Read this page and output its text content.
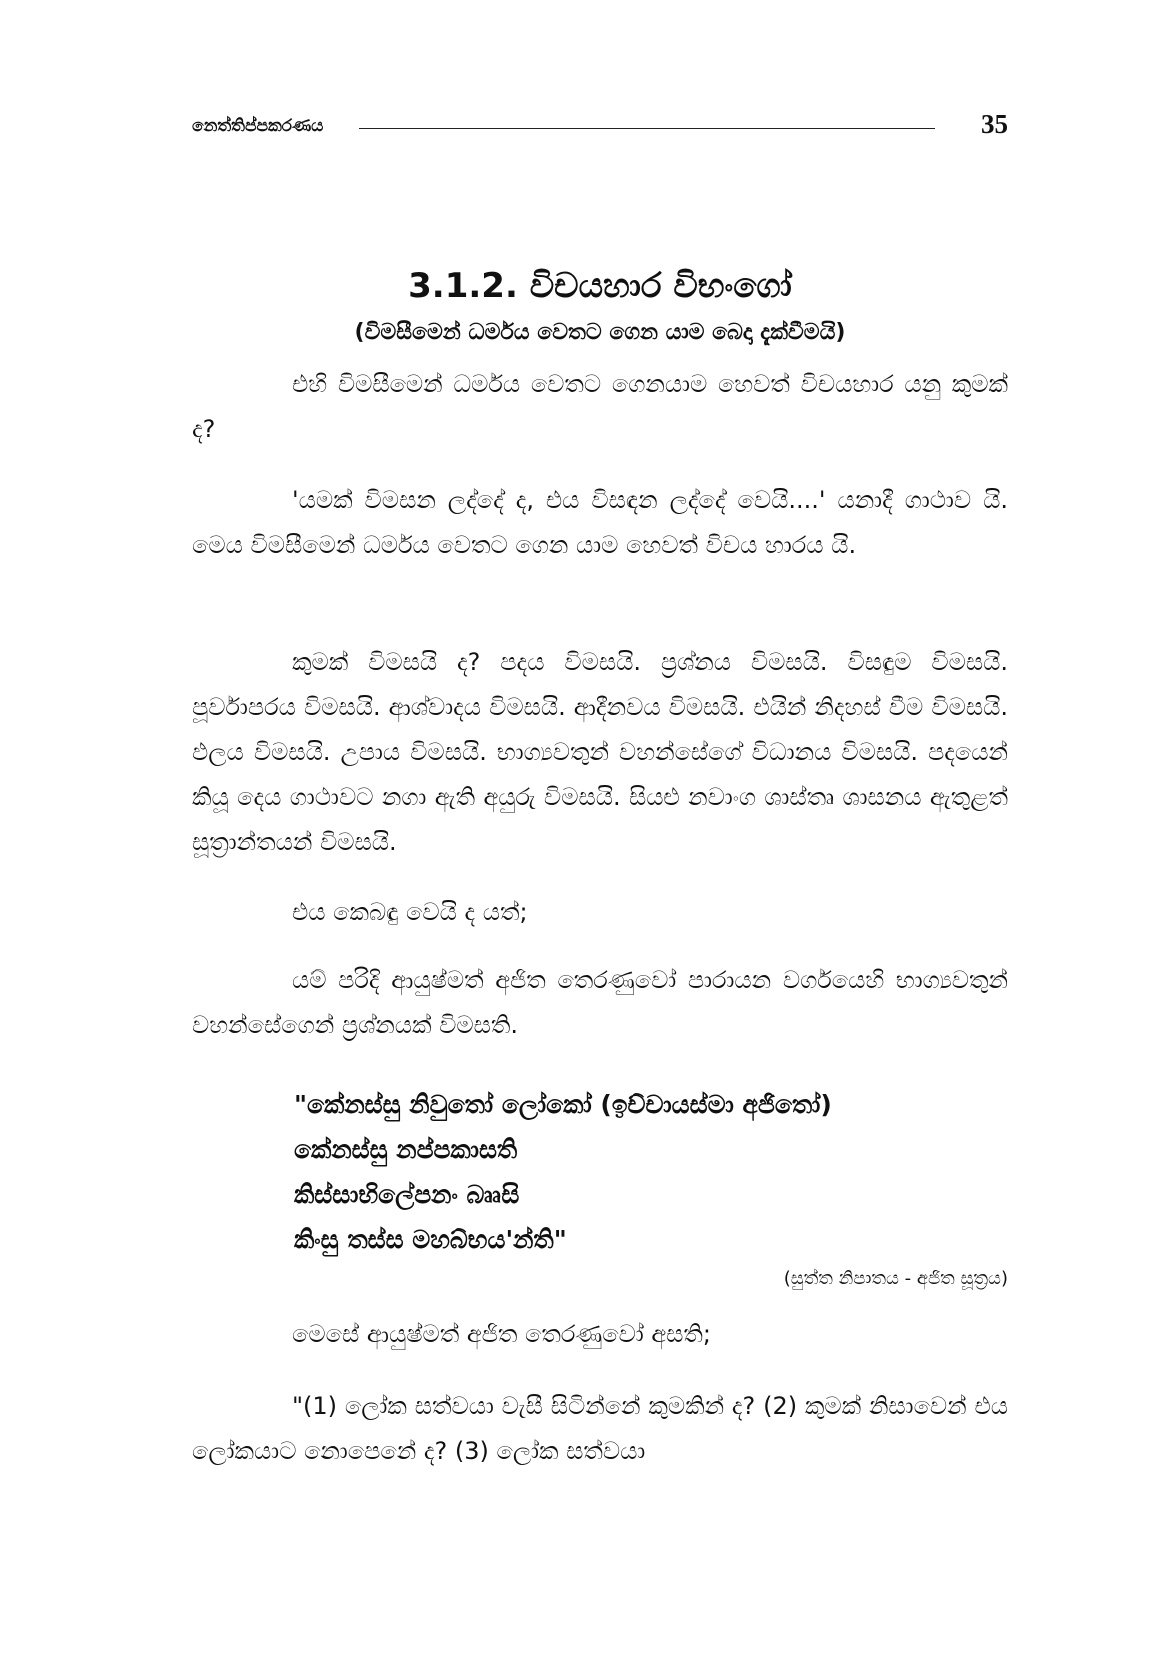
නෙත්තිප්පකරණය	35
3.1.2. විචයහාර විභංගෝ
(විමසීමෙන් ධර්මය වෙතට ගෙන යාම බෙදා දැක්වීමයි)

එහි විමසීමෙන් ධර්මය වෙතට ගෙනයාම හෙවත් විචයහාර යනු කුමක් ද?

'යමක් විමසන ලද්දේ ද, එය විසඳන ලද්දේ වෙයි....' යනාදී ගාථාව යි. මෙය විමසීමෙන් ධර්මය වෙතට ගෙන යාම හෙවත් විචය හාරය යි.

කුමක් විමසයි ද? පදය විමසයි. ප්‍රශ්නය විමසයි. විසඳුම විමසයි. පූර්වාපරය විමසයි. ආශ්වාදය විමසයි. ආදීනවය විමසයි. එයින් නිදහස් වීම විමසයි. ඵලය විමසයි. උපාය විමසයි. භාග්‍යවතුන් වහන්සේගේ විධානය විමසයි. පදයෙන් කියූ දෙය ගාථාවට නගා ඇති අයුරු විමසයි. සියළු නවාංග ශාස්තෘ ශාසනය ඇතුළත් සූත්‍රාන්තයන් විමසයි.

එය කෙබඳු වෙයි ද යත්;

යම් පරිදි ආයුෂ්මත් අජිත තෙරණුවෝ පාරායන වර්ගයෙහි භාග්‍යවතුන් වහන්සේගෙන් ප්‍රශ්නයක් විමසති.

"කේනස්සු නිවුතෝ ලෝකෝ (ඉච්චායස්මා අජිතෝ)
කේනස්සු නප්පකාසති
කිස්සාභිලේපනං බෲසි
කිංසු තස්ස මහබ්භය'න්ති"
(සුත්ත නිපාතය - අජිත සූත්‍රය)

මෙසේ ආයුෂ්මත් අජිත තෙරණුවෝ අසති;

"(1) ලෝක සත්වයා වැසී සිටින්නේ කුමකින් ද? (2) කුමක් නිසාවෙන් එය ලෝකයාට නොපෙනේ ද? (3) ලෝක සත්වයා
